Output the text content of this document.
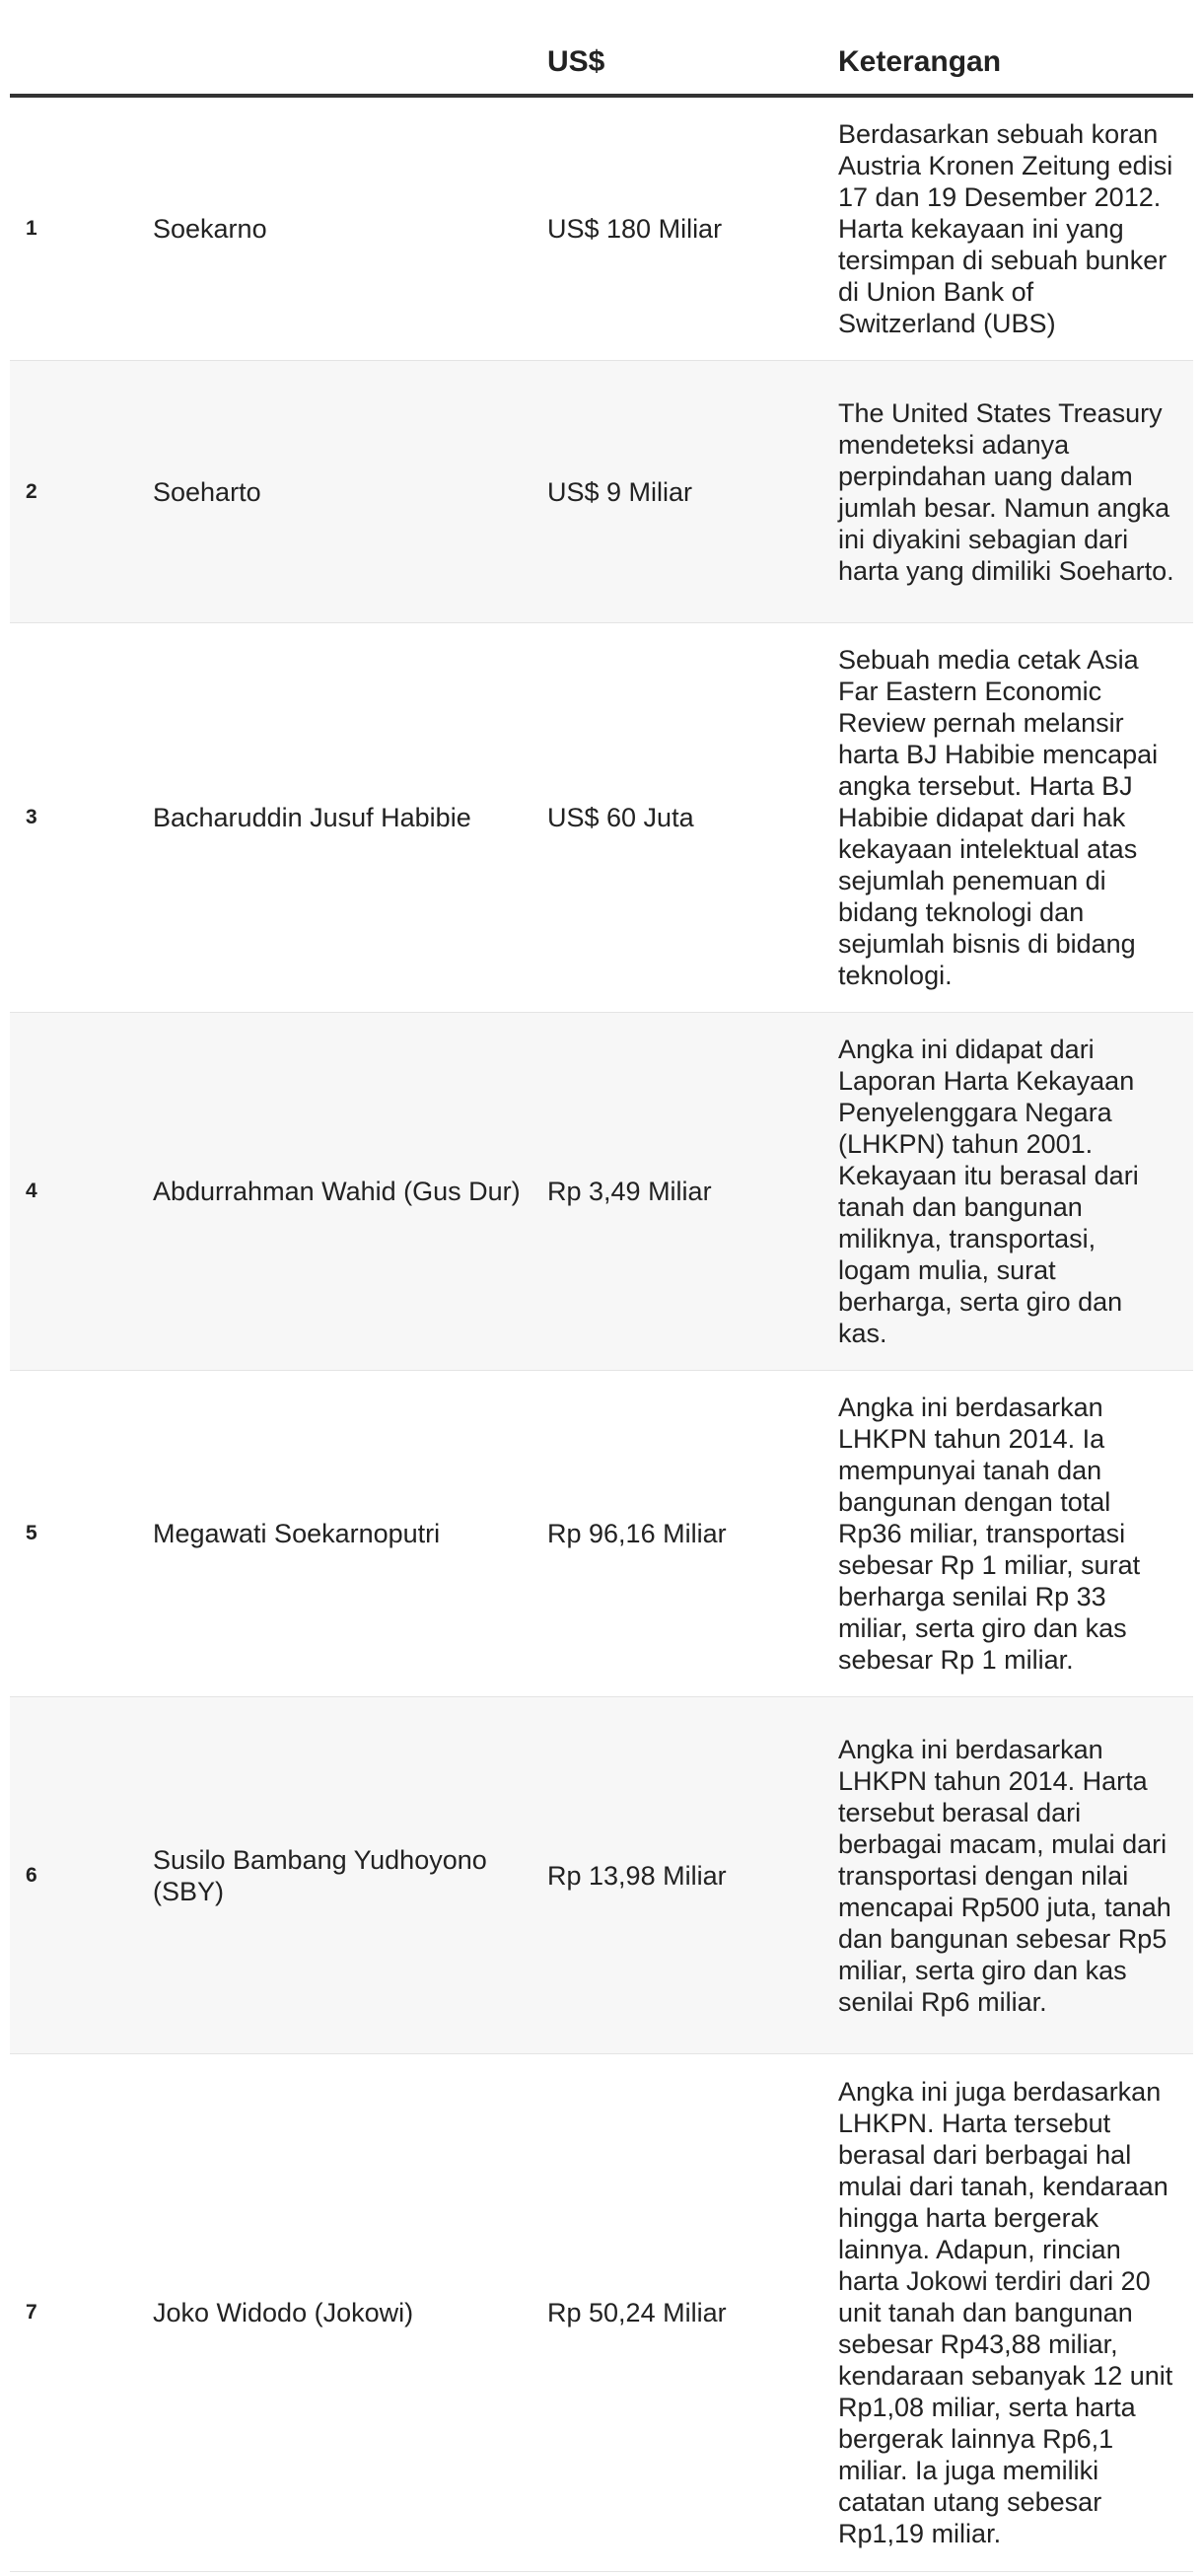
		US$	Keterangan
1	Soekarno	US$ 180 Miliar	Berdasarkan sebuah koran Austria Kronen Zeitung edisi 17 dan 19 Desember 2012. Harta kekayaan ini yang tersimpan di sebuah bunker di Union Bank of Switzerland (UBS)
2	Soeharto	US$ 9 Miliar	The United States Treasury mendeteksi adanya perpindahan uang dalam jumlah besar. Namun angka ini diyakini sebagian dari harta yang dimiliki Soeharto.
3	Bacharuddin Jusuf Habibie	US$ 60 Juta	Sebuah media cetak Asia Far Eastern Economic Review pernah melansir harta BJ Habibie mencapai angka tersebut. Harta BJ Habibie didapat dari hak kekayaan intelektual atas sejumlah penemuan di bidang teknologi dan sejumlah bisnis di bidang teknologi.
4	Abdurrahman Wahid (Gus Dur)	Rp 3,49 Miliar	Angka ini didapat dari Laporan Harta Kekayaan Penyelenggara Negara (LHKPN) tahun 2001. Kekayaan itu berasal dari tanah dan bangunan miliknya, transportasi, logam mulia, surat berharga, serta giro dan kas.
5	Megawati Soekarnoputri	Rp 96,16 Miliar	Angka ini berdasarkan LHKPN tahun 2014. Ia mempunyai tanah dan bangunan dengan total Rp36 miliar, transportasi sebesar Rp 1 miliar, surat berharga senilai Rp 33 miliar, serta giro dan kas sebesar Rp 1 miliar.
6	Susilo Bambang Yudhoyono (SBY)	Rp 13,98 Miliar	Angka ini berdasarkan LHKPN tahun 2014. Harta tersebut berasal dari berbagai macam, mulai dari transportasi dengan nilai mencapai Rp500 juta, tanah dan bangunan sebesar Rp5 miliar, serta giro dan kas senilai Rp6 miliar.
7	Joko Widodo (Jokowi)	Rp 50,24 Miliar	Angka ini juga berdasarkan LHKPN. Harta tersebut berasal dari berbagai hal mulai dari tanah, kendaraan hingga harta bergerak lainnya. Adapun, rincian harta Jokowi terdiri dari 20 unit tanah dan bangunan sebesar Rp43,88 miliar, kendaraan sebanyak 12 unit Rp1,08 miliar, serta harta bergerak lainnya Rp6,1 miliar. Ia juga memiliki catatan utang sebesar Rp1,19 miliar.
